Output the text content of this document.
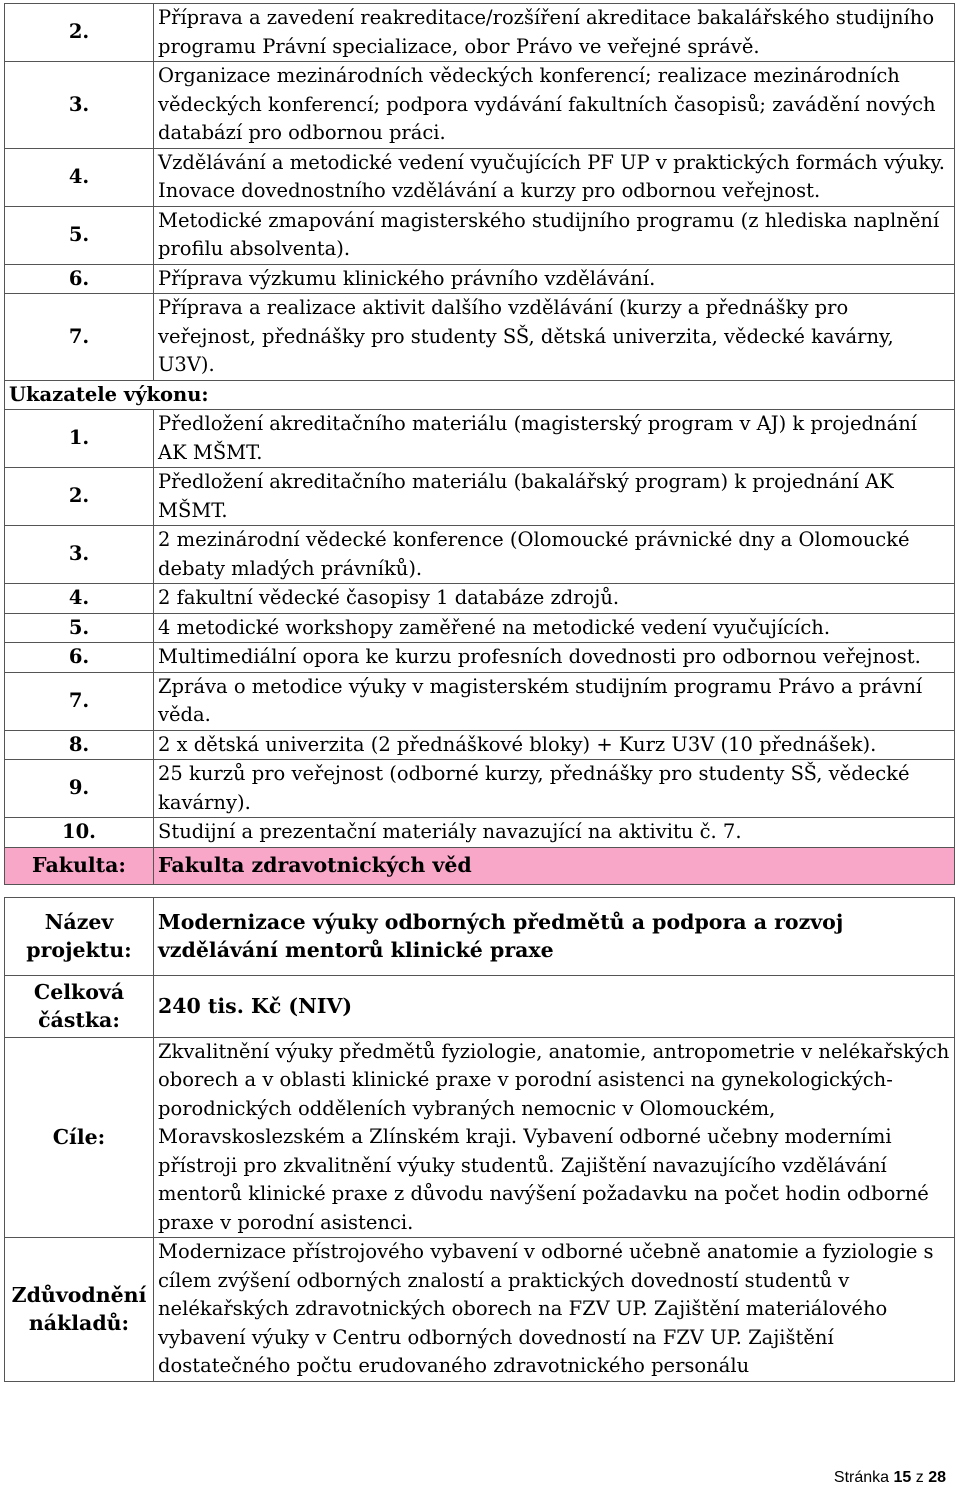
2.	Příprava a zavedení reakreditace/rozšíření akreditace bakalářského studijního programu Právní specializace, obor Právo ve veřejné správě.
3.	Organizace mezinárodních vědeckých konferencí; realizace mezinárodních vědeckých konferencí; podpora vydávání fakultních časopisů; zavádění nových databází pro odbornou práci.
4.	Vzdělávání a metodické vedení vyučujících PF UP v praktických formách výuky. Inovace dovednostního vzdělávání a kurzy pro odbornou veřejnost.
5.	Metodické zmapování magisterského studijního programu (z hlediska naplnění profilu absolventa).
6.	Příprava výzkumu klinického právního vzdělávání.
7.	Příprava a realizace aktivit dalšího vzdělávání (kurzy a přednášky pro veřejnost, přednášky pro studenty SŠ, dětská univerzita, vědecké kavárny, U3V).
Ukazatele výkonu:	
1.	Předložení akreditačního materiálu (magisterský program v AJ) k projednání AK MŠMT.
2.	Předložení akreditačního materiálu (bakalářský program) k projednání AK MŠMT.
3.	2 mezinárodní vědecké konference (Olomoucké právnické dny a Olomoucké debaty mladých právníků).
4.	2 fakultní vědecké časopisy 1 databáze zdrojů.
5.	4 metodické workshopy zaměřené na metodické vedení vyučujících.
6.	Multimediální opora ke kurzu profesních dovednosti pro odbornou veřejnost.
7.	Zpráva o metodice výuky v magisterském studijním programu Právo a právní věda.
8.	2 x dětská univerzita (2 přednáškové bloky) + Kurz U3V (10 přednášek).
9.	25 kurzů pro veřejnost (odborné kurzy, přednášky pro studenty SŠ, vědecké kavárny).
10.	Studijní a prezentační materiály navazující na aktivitu č. 7.
Fakulta:	Fakulta zdravotnických věd

Název projektu:	Modernizace výuky odborných předmětů a podpora a rozvoj vzdělávání mentorů klinické praxe
Celková částka:	240 tis. Kč (NIV)
Cíle:	Zkvalitnění výuky předmětů fyziologie, anatomie, antropometrie v nelékařských oborech a v oblasti klinické praxe v porodní asistenci na gynekologických- porodnických odděleních vybraných nemocnic v Olomouckém, Moravskoslezském a Zlínském kraji. Vybavení odborné učebny moderními přístroji pro zkvalitnění výuky studentů. Zajištění navazujícího vzdělávání mentorů klinické praxe z důvodu navýšení požadavku na počet hodin odborné praxe v porodní asistenci.
Zdůvodnění nákladů:	Modernizace přístrojového vybavení v odborné učebně anatomie a fyziologie s cílem zvýšení odborných znalostí a praktických dovedností studentů v nelékařských zdravotnických oborech na FZV UP. Zajištění materiálového vybavení výuky v Centru odborných dovedností na FZV UP. Zajištění dostatečného počtu erudovaného zdravotnického personálu
Stránka 15 z 28
